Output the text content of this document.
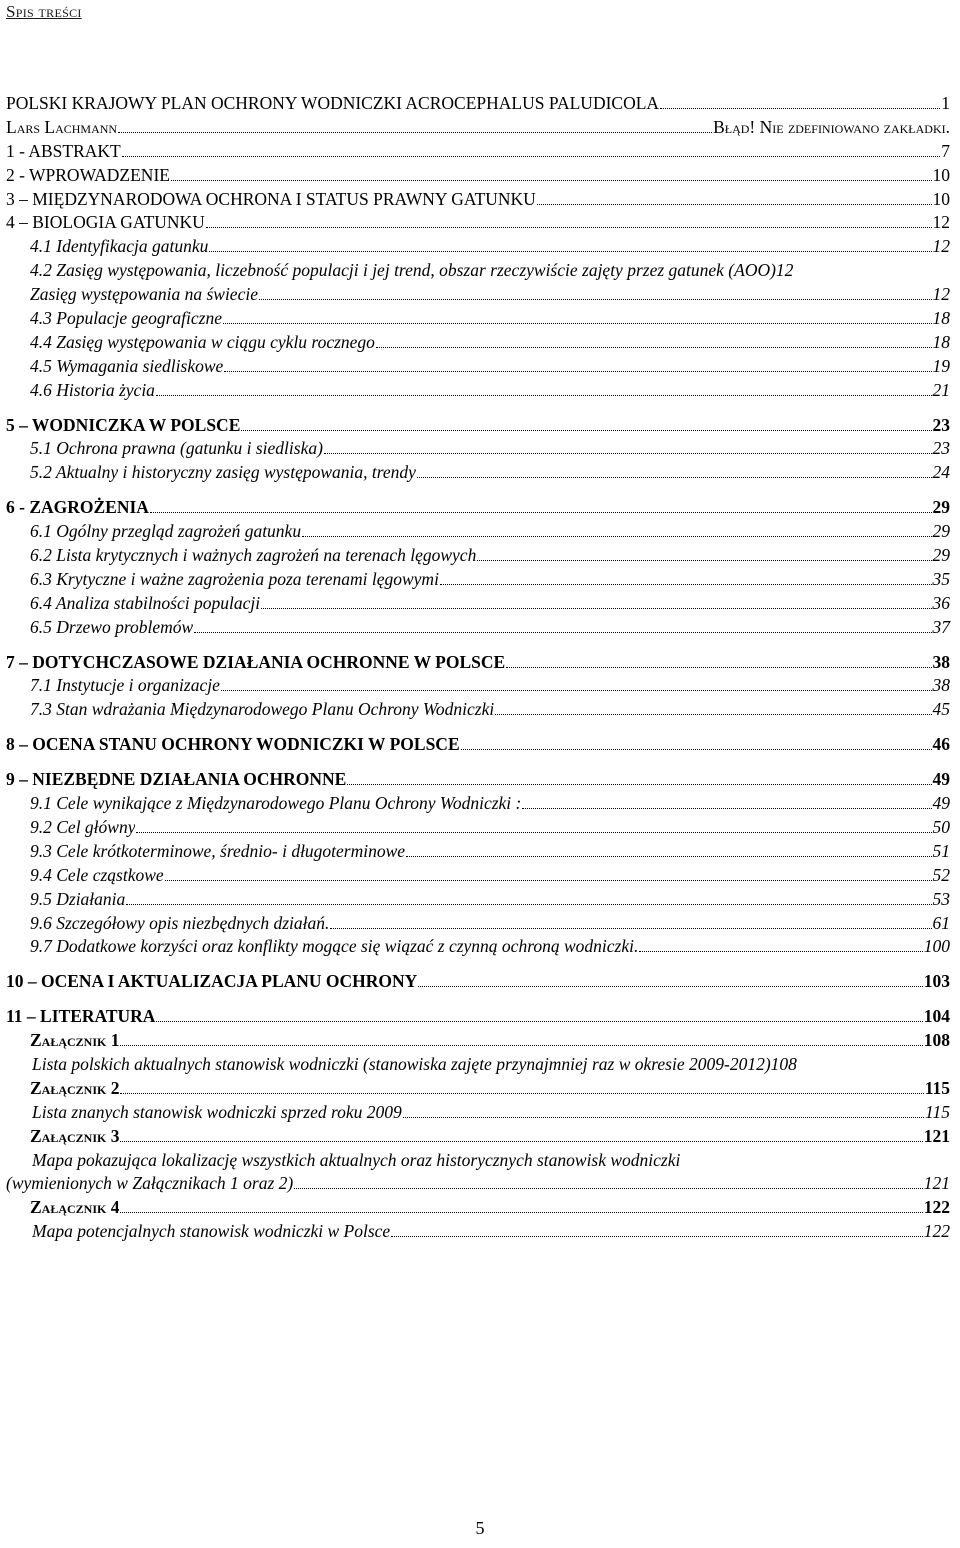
Spis treści
POLSKI KRAJOWY PLAN OCHRONY WODNICZKI ACROCEPHALUS PALUDICOLA	1
Lars Lachmann	Błąd! Nie zdefiniowano zakładki.
1 - ABSTRAKT	7
2 - WPROWADZENIE	10
3 – MIĘDZYNARODOWA OCHRONA I STATUS PRAWNY GATUNKU	10
4 – BIOLOGIA GATUNKU	12
4.1 Identyfikacja gatunku	12
4.2 Zasięg występowania, liczebność populacji i jej trend, obszar rzeczywiście zajęty przez gatunek (AOO) 12
Zasięg występowania na świecie	12
4.3 Populacje geograficzne	18
4.4 Zasięg występowania w ciągu cyklu rocznego	18
4.5 Wymagania siedliskowe	19
4.6 Historia życia	21
5 – WODNICZKA W POLSCE	23
5.1 Ochrona prawna (gatunku i siedliska)	23
5.2 Aktualny i historyczny zasięg występowania, trendy	24
6 - ZAGROŻENIA	29
6.1 Ogólny przegląd zagrożeń gatunku	29
6.2 Lista krytycznych i ważnych zagrożeń na terenach lęgowych	29
6.3 Krytyczne i ważne zagrożenia poza terenami lęgowymi	35
6.4 Analiza stabilności populacji	36
6.5 Drzewo problemów	37
7 – DOTYCHCZASOWE DZIAŁANIA OCHRONNE W POLSCE	38
7.1 Instytucje i organizacje	38
7.3 Stan wdrażania Międzynarodowego Planu Ochrony Wodniczki	45
8 – OCENA STANU OCHRONY WODNICZKI W POLSCE	46
9 – NIEZBĘDNE DZIAŁANIA OCHRONNE	49
9.1 Cele wynikające z Międzynarodowego Planu Ochrony Wodniczki :	49
9.2 Cel główny	50
9.3 Cele krótkoterminowe, średnio- i długoterminowe	51
9.4 Cele cząstkowe	52
9.5 Działania	53
9.6 Szczegółowy opis niezbędnych działań.	61
9.7 Dodatkowe korzyści oraz konflikty mogące się wiązać z czynną ochroną wodniczki.	100
10 – OCENA I AKTUALIZACJA PLANU OCHRONY	103
11 – LITERATURA	104
Załącznik 1	108
Lista polskich aktualnych stanowisk wodniczki (stanowiska zajęte przynajmniej raz w okresie 2009-2012) 108
Załącznik 2	115
Lista znanych stanowisk wodniczki sprzed roku 2009	115
Załącznik 3	121
Mapa pokazująca lokalizację wszystkich aktualnych oraz historycznych stanowisk wodniczki
(wymienionych w Załącznikach 1 oraz 2)	121
Załącznik 4	122
Mapa potencjalnych stanowisk wodniczki w Polsce	122
5
